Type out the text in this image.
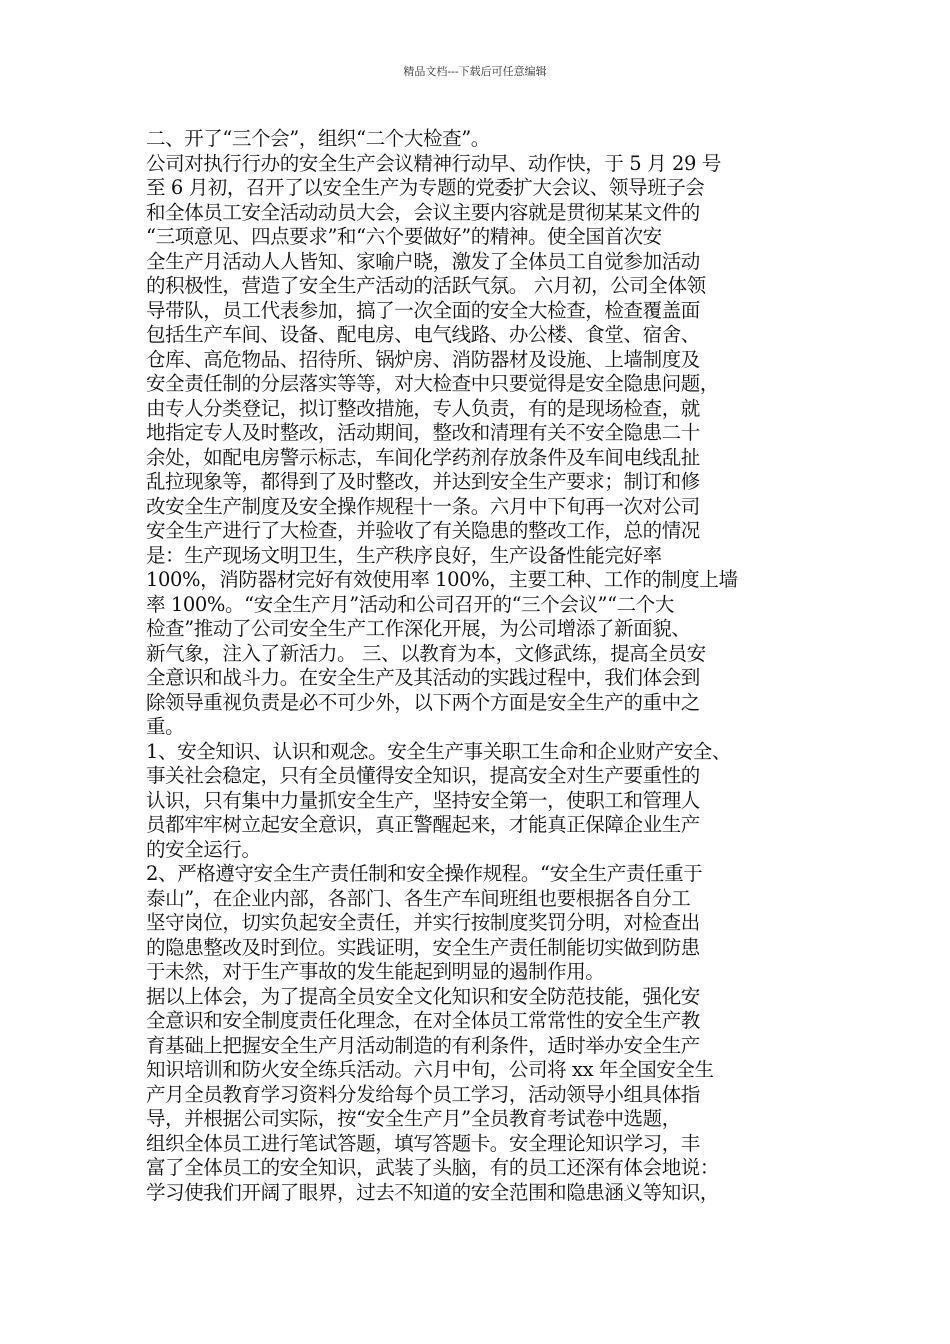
精品文档---下载后可任意编辑
二、开了“三个会”，组织“二个大检查”。
公司对执行行办的安全生产会议精神行动早、动作快，于 5 月 29 号
至 6 月初，召开了以安全生产为专题的党委扩大会议、领导班子会
和全体员工安全活动动员大会，会议主要内容就是贯彻某某文件的
“三项意见、四点要求”和“六个要做好”的精神。使全国首次安
全生产月活动人人皆知、家喻户晓，激发了全体员工自觉参加活动
的积极性，营造了安全生产活动的活跃气氛。 六月初，公司全体领
导带队，员工代表参加，搞了一次全面的安全大检查，检查覆盖面
包括生产车间、设备、配电房、电气线路、办公楼、食堂、宿舍、
仓库、高危物品、招待所、锅炉房、消防器材及设施、上墙制度及
安全责任制的分层落实等等，对大检查中只要觉得是安全隐患问题，
由专人分类登记，拟订整改措施，专人负责，有的是现场检查，就
地指定专人及时整改，活动期间，整改和清理有关不安全隐患二十
余处，如配电房警示标志，车间化学药剂存放条件及车间电线乱扯
乱拉现象等，都得到了及时整改，并达到安全生产要求；制订和修
改安全生产制度及安全操作规程十一条。六月中下旬再一次对公司
安全生产进行了大检查，并验收了有关隐患的整改工作，总的情况
是：生产现场文明卫生，生产秩序良好，生产设备性能完好率
100%，消防器材完好有效使用率 100%，主要工种、工作的制度上墙
率 100%。“安全生产月”活动和公司召开的“三个会议”“二个大
检查”推动了公司安全生产工作深化开展，为公司增添了新面貌、
新气象，注入了新活力。 三、以教育为本，文修武练，提高全员安
全意识和战斗力。在安全生产及其活动的实践过程中，我们体会到
除领导重视负责是必不可少外，以下两个方面是安全生产的重中之
重。
1、安全知识、认识和观念。安全生产事关职工生命和企业财产安全、
事关社会稳定，只有全员懂得安全知识，提高安全对生产要重性的
认识，只有集中力量抓安全生产，坚持安全第一，使职工和管理人
员都牢牢树立起安全意识，真正警醒起来，才能真正保障企业生产
的安全运行。
2、严格遵守安全生产责任制和安全操作规程。“安全生产责任重于
泰山”，在企业内部，各部门、各生产车间班组也要根据各自分工
坚守岗位，切实负起安全责任，并实行按制度奖罚分明，对检查出
的隐患整改及时到位。实践证明，安全生产责任制能切实做到防患
于未然，对于生产事故的发生能起到明显的遏制作用。
据以上体会，为了提高全员安全文化知识和安全防范技能，强化安
全意识和安全制度责任化理念，在对全体员工常常性的安全生产教
育基础上把握安全生产月活动制造的有利条件，适时举办安全生产
知识培训和防火安全练兵活动。六月中旬，公司将 xx 年全国安全生
产月全员教育学习资料分发给每个员工学习，活动领导小组具体指
导，并根据公司实际，按“安全生产月”全员教育考试卷中选题，
组织全体员工进行笔试答题，填写答题卡。安全理论知识学习，丰
富了全体员工的安全知识，武装了头脑，有的员工还深有体会地说：
学习使我们开阔了眼界，过去不知道的安全范围和隐患涵义等知识，
